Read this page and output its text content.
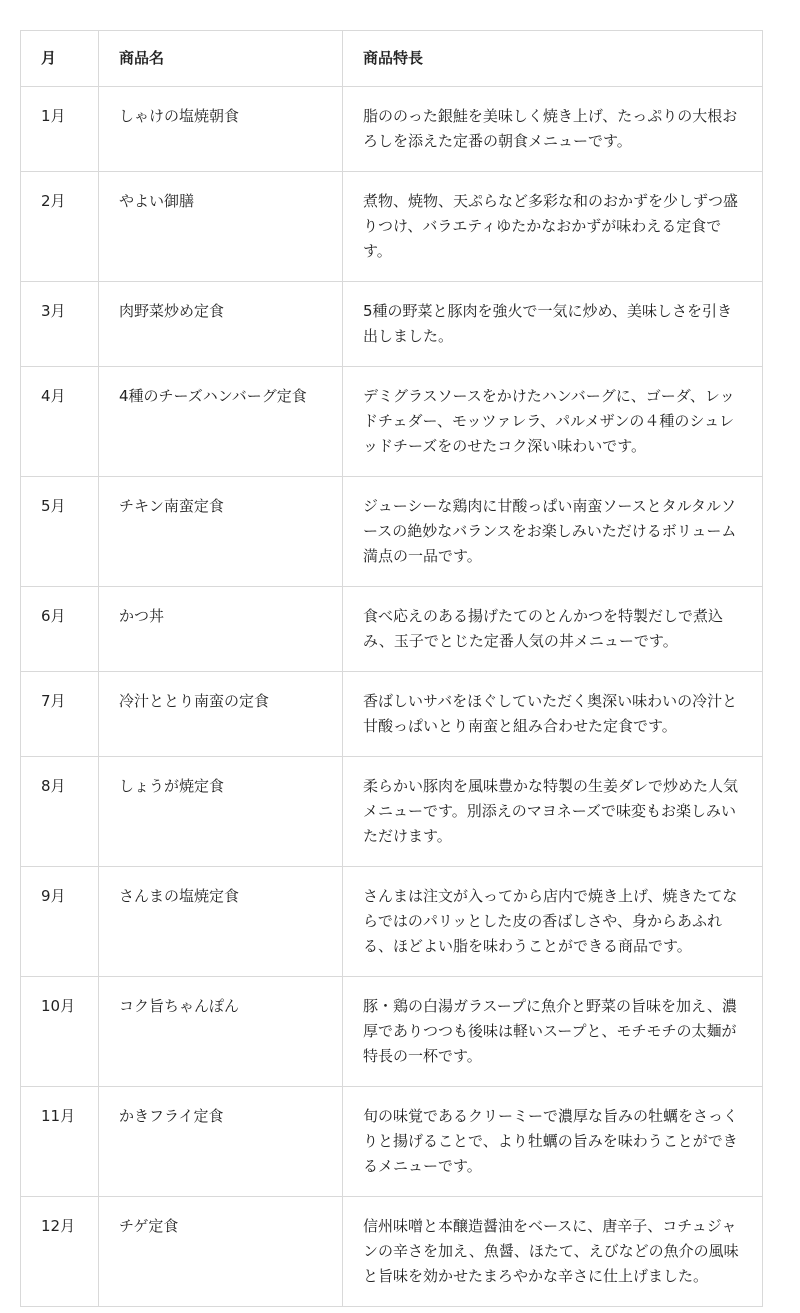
月	商品名	商品特長
1月	しゃけの塩焼朝食	脂ののった銀鮭を美味しく焼き上げ、たっぷりの大根おろしを添えた定番の朝食メニューです。
2月	やよい御膳	煮物、焼物、天ぷらなど多彩な和のおかずを少しずつ盛りつけ、バラエティゆたかなおかずが味わえる定食です。
3月	肉野菜炒め定食	5種の野菜と豚肉を強火で一気に炒め、美味しさを引き出しました。
4月	4種のチーズハンバーグ定食	デミグラスソースをかけたハンバーグに、ゴーダ、レッドチェダー、モッツァレラ、パルメザンの４種のシュレッドチーズをのせたコク深い味わいです。
5月	チキン南蛮定食	ジューシーな鶏肉に甘酸っぱい南蛮ソースとタルタルソースの絶妙なバランスをお楽しみいただけるボリューム満点の一品です。
6月	かつ丼	食べ応えのある揚げたてのとんかつを特製だしで煮込み、玉子でとじた定番人気の丼メニューです。
7月	冷汁ととり南蛮の定食	香ばしいサバをほぐしていただく奥深い味わいの冷汁と甘酸っぱいとり南蛮と組み合わせた定食です。
8月	しょうが焼定食	柔らかい豚肉を風味豊かな特製の生姜ダレで炒めた人気メニューです。別添えのマヨネーズで味変もお楽しみいただけます。
9月	さんまの塩焼定食	さんまは注文が入ってから店内で焼き上げ、焼きたてならではのパリッとした皮の香ばしさや、身からあふれる、ほどよい脂を味わうことができる商品です。
10月	コク旨ちゃんぽん	豚・鶏の白湯ガラスープに魚介と野菜の旨味を加え、濃厚でありつつも後味は軽いスープと、モチモチの太麺が特長の一杯です。
11月	かきフライ定食	旬の味覚であるクリーミーで濃厚な旨みの牡蠣をさっくりと揚げることで、より牡蠣の旨みを味わうことができるメニューです。
12月	チゲ定食	信州味噌と本醸造醤油をベースに、唐辛子、コチュジャンの辛さを加え、魚醤、ほたて、えびなどの魚介の風味と旨味を効かせたまろやかな辛さに仕上げました。
